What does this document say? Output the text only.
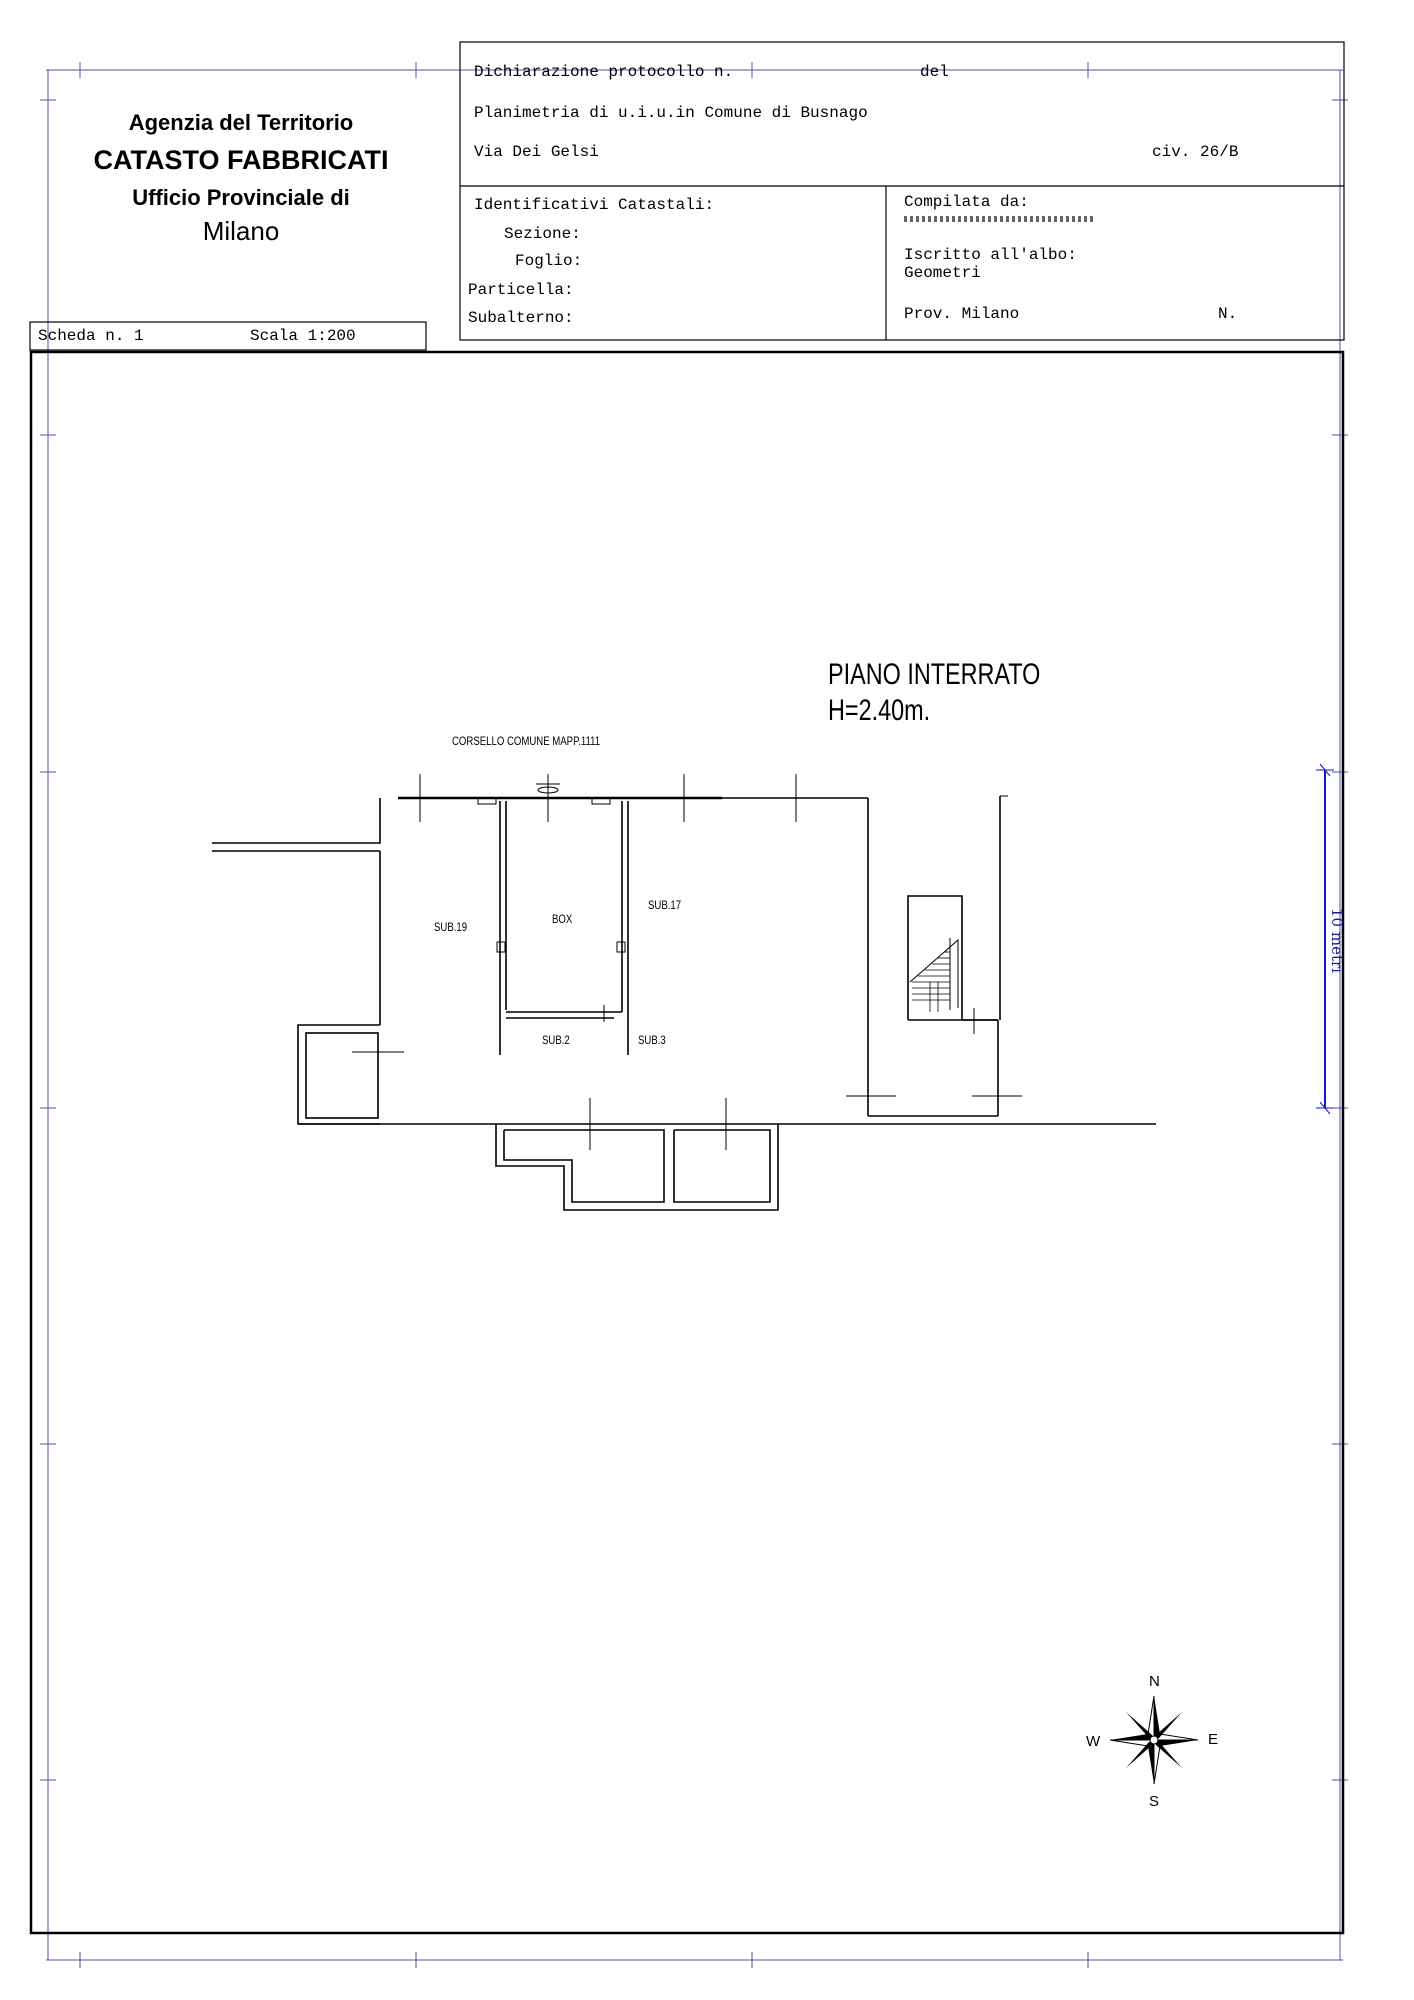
Agenzia del Territorio
CATASTO FABBRICATI
Ufficio Provinciale di
Milano
Dichiarazione protocollo n.	del
Planimetria di u.i.u.in Comune di Busnago
Via Dei Gelsi	civ. 26/B
Identificativi Catastali:
Sezione:
Foglio:
Particella:
Subalterno:
Compilata da:
Iscritto all'albo:
Geometri
Prov. Milano	N.
Scheda n. 1	Scala 1:200
PIANO INTERRATO
H=2.40m.
CORSELLO COMUNE MAPP.1111
SUB.19
BOX
SUB.17
SUB.2	SUB.3
10 metri
N
S
E
W
